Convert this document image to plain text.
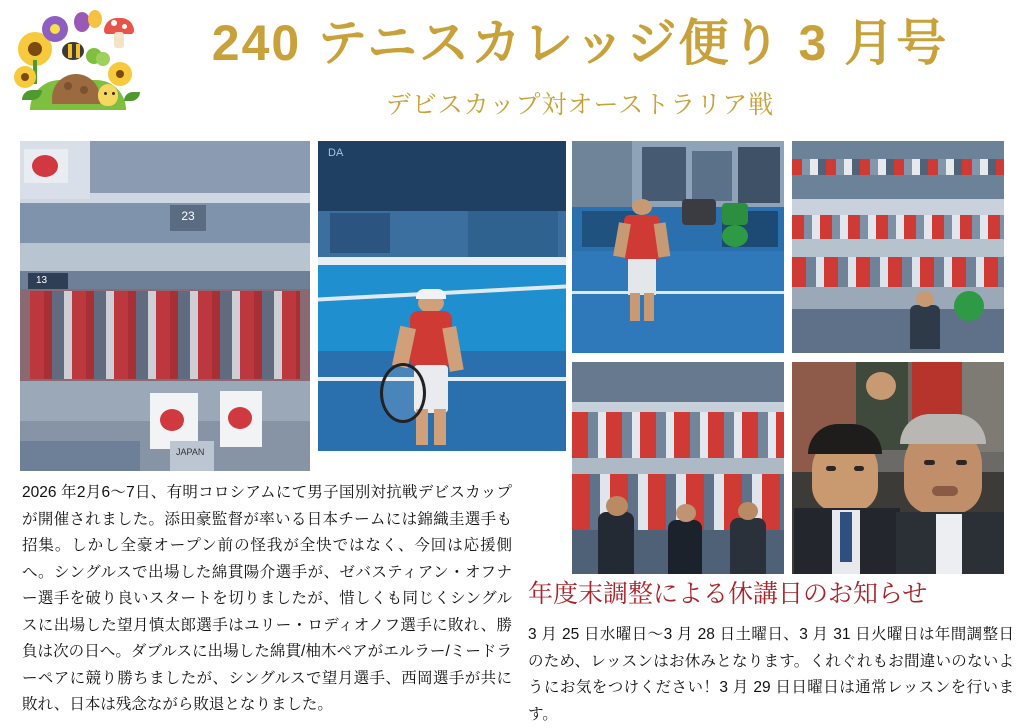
240 テニスカレッジ便り 3 月号
デビスカップ対オーストラリア戦
23
13
JAPAN
DA
2026 年2月6〜7日、有明コロシアムにて男子国別対抗戦デビスカップが開催されました。添田豪監督が率いる日本チームには錦織圭選手も招集。しかし全豪オープン前の怪我が全快ではなく、今回は応援側へ。シングルスで出場した綿貫陽介選手が、ゼバスティアン・オフナー選手を破り良いスタートを切りましたが、惜しくも同じくシングルスに出場した望月慎太郎選手はユリー・ロディオノフ選手に敗れ、勝負は次の日へ。ダブルスに出場した綿貫/柚木ペアがエルラー/ミードラーペアに競り勝ちましたが、シングルスで望月選手、西岡選手が共に敗れ、日本は残念ながら敗退となりました。
年度末調整による休講日のお知らせ
3 月 25 日水曜日〜3 月 28 日土曜日、3 月 31 日火曜日は年間調整日のため、レッスンはお休みとなります。くれぐれもお間違いのないようにお気をつけください！3 月 29 日日曜日は通常レッスンを行います。
